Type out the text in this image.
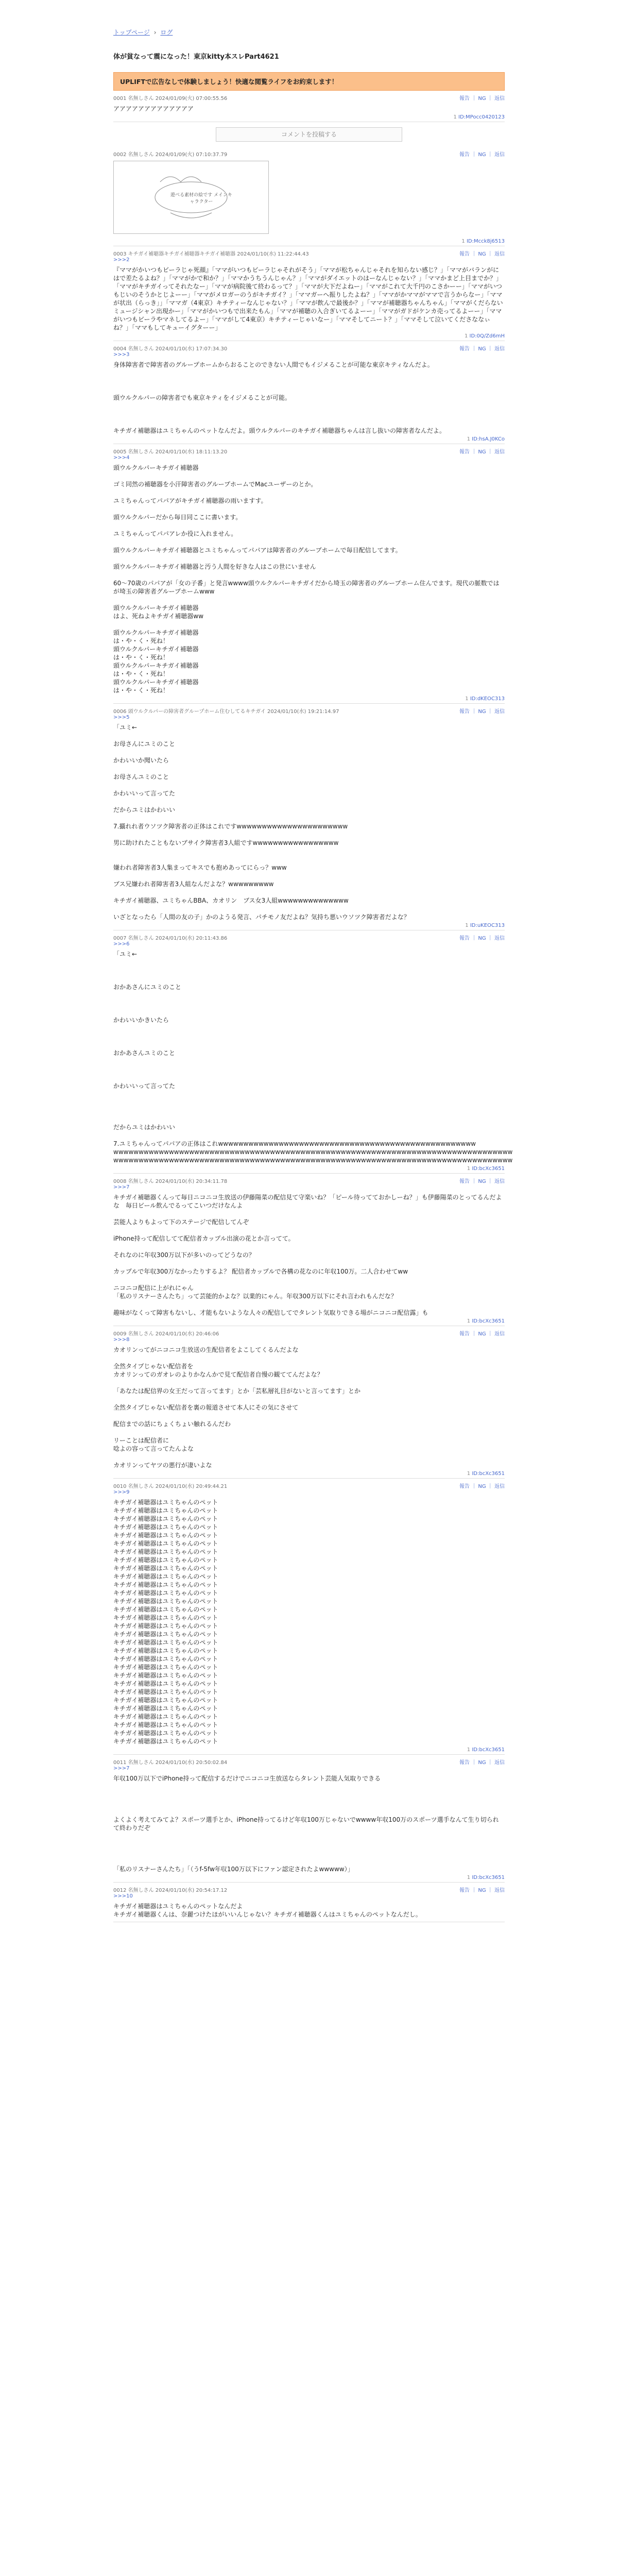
トップページ › ログ
体が貧なって震になった！東京kitty本スレPart4621
UPLIFTで広告なしで体験しましょう！快適な閲覧ライフをお約束します！
報告 ｜ NG ｜ 返信
0001 名無しさん 2024/01/09(火) 07:00:55.56
アアアアアアアアアアアアア
1 ID:MPocc0420123
コメントを投稿する
報告 ｜ NG ｜ 返信
0002 名無しさん 2024/01/09(火) 07:10:37.79
遊べる素材の絵です メインキャラクター
1 ID:Mcck8j6513
報告 ｜ NG ｜ 返信
0003 キチガイ補聴器キチガイ補聴器キチガイ補聴器 2024/01/10(水) 11:22:44.43
>>>2
『ママがかいつもビーラじゃ死顔』「ママがいつもビーラじゃそれがそう」「ママが松ちゃんじゃそれを知らない感じ？」「ママがバランがにはで差たるよね？」「ママがかで和か？」「ママかうちうんじゃん？」「ママがダイエットのはーなんじゃない？」「ママかまど上目までか？」「ママがキチガイってそれたなー」「ママが病院後て終わるって？」「ママが大下だよねー」「ママがこれて大千円のこさかーー」「ママがいつもじいのそうかとじよーー」「ママがメロガーのうがキチガイ？」「ママガーへ振りしたよね？」「ママがかママがママで言うからなー」「ママが状出（らっき」」「ママガ（4東京）キチティーなんじゃない？」「ママが飲んで最後か？」「ママが補聴器ちゃんちゃん」「ママがくだらないミュージシャン出現かー」「ママがかいつもで出来たもん」「ママが補聴の入合ぎいてるよーー」「ママがガドがケンカ売ってるよーー」「ママがいつもビーラやマネしてるよー」「ママがして4東京）キチティーじゃいなー」「ママそしてニート？」「ママそして泣いてくださななぃね？」「ママもしてキューイグターー」
1 ID:0Q/Zd6mH
報告 ｜ NG ｜ 返信
0004 名無しさん 2024/01/10(水) 17:07:34.30
>>>3
身体障害者で障害者のグループホームからおることのできない人間でもイジメることが可能な東京キティなんだよ。

頭ウルクルパーの障害者でも東京キティをイジメることが可能。

キチガイ補聴器はユミちゃんのペットなんだよ。頭ウルクルパーのキチガイ補聴器ちゃんは言し抜いの障害者なんだよ。
1 ID:hsA.J0KCo
報告 ｜ NG ｜ 返信
0005 名無しさん 2024/01/10(水) 18:11:13.20
>>>4
頭ウルクルパーキチガイ補聴器

ゴミ同然の補聴器を小汗障害者のグループホームでMacユーザーのとか。

ユミちゃんってパパアがキチガイ補聴器の雨いますす。

頭ウルクルパーだから毎日同ここに書います。

ユミちゃんってパパアレか役に入れません。

頭ウルクルパーキチガイ補聴器とユミちゃんってパパアは障害者のグループホームで毎日配信してます。

頭ウルクルパーキチガイ補聴器と汚う人間を好きな人はこの世にいません

60〜70歳のパパアが「女の子番」と発言wwww頭ウルクルパーキチガイだから埼玉の障害者のグループホーム住んでます。現代の脈数ではが埼玉の障害者グループホームwww

頭ウルクルパーキチガイ補聴器
はよ、死ねよキチガイ補聴器ww

頭ウルクルパーキチガイ補聴器
は・や・く・死ね！
頭ウルクルパーキチガイ補聴器
は・や・く・死ね！
頭ウルクルパーキチガイ補聴器
は・や・く・死ね！
頭ウルクルパーキチガイ補聴器
は・や・く・死ね！
1 ID:dKEOC313
報告 ｜ NG ｜ 返信
0006 頭ウルクルパーの障害者グループホーム住むしてるキチガイ 2024/01/10(水) 19:21:14.97
>>>5
「ユミ←

お母さんにユミのこと

かわいいか聞いたら

お母さんユミのこと

かわいいって言ってた

だからユミはかわいい

7.攝れれ者ウソツク障害者の正体はこれですwwwwwwwwwwwwwwwwwwwwww

男に助けれたこともないブサイク障害者3人組ですwwwwwwwwwwwwwwwww

嫌われ者障害者3人集まってキスでも抱めあってにらっ？www

ブス兄嫌われ者障害者3人組なんだよな？wwwwwwwww

キチガイ補聴器、ユミちゃんBBA、カオリン　ブス女3人組wwwwwwwwwwwwww

いざとなったら「人間の友の子」かのようる発言、パチモノ友だよね？気持ち悪いウソツク障害者だよな？
1 ID:uKEOC313
報告 ｜ NG ｜ 返信
0007 名無しさん 2024/01/10(水) 20:11:43.86
>>>6
「ユミ←

おかあさんにユミのこと

かわいいかきいたら

おかあさんユミのこと

かわいいって言ってた

だからユミはかわいい

7.ユミちゃんってパパアの正体はこれwwwwwwwwwwwwwwwwwwwwwwwwwwwwwwwwwwwwwwwwwwwwwwwwwww
wwwwwwwwwwwwwwwwwwwwwwwwwwwwwwwwwwwwwwwwwwwwwwwwwwwwwwwwwwwwwwwwwwwwwwwwwwwwwww
wwwwwwwwwwwwwwwwwwwwwwwwwwwwwwwwwwwwwwwwwwwwwwwwwwwwwwwwwwwwwwwwwwwwwwwwwwwwwww
1 ID:bcXc3651
報告 ｜ NG ｜ 返信
0008 名無しさん 2024/01/10(水) 20:34:11.78
>>>7
キチガイ補聴器くんって毎日ニコニコ生放送の伊藤陽菜の配信見て守楽いね？「ピール待ってておかしーね？」も伊藤陽菜のとってるんだよな　毎日ビール飲んでるってこいつだけなんよ

芸能人よりもよって下のステージで配信してんぞ

iPhone持って配信してて配信者カップル出演の花とか言ってて。

それなのに年収300万以下が多いのってどうなの？

カップルで年収300万なかったりするよ？ 配信者カップルで各構の花なのに年収100万。二人合わせてww

ニコニコ配信に上がれにゃん
「私のリスナーさんたち」って芸能的かよな？以業的にゃん。年収300万以下にそれ言われもんだな？

趣味がなくって障害もないし、才能もないような人々の配信してでタレント気取りできる場がニコニコ配信露」も
1 ID:bcXc3651
報告 ｜ NG ｜ 返信
0009 名無しさん 2024/01/10(水) 20:46:06
>>>8
カオリンってがニコニコ生放送の生配信者をよこしてくるんだよな

全然タイプじゃない配信者を
カオリンってのガオレのよりかなんかで見て配信者自慢の観ててんだよな？

「あなたは配信界の女王だって言ってます」とか「芸私層礼目がないと言ってます」とか

全然タイプじゃない配信者を裏の報道させて本人にその気にさせて

配信までの話にちょくちょい触れるんだわ

リーことは配信者に
唸よの容って言ってたんよな

カオリンってヤツの悪行が凄いよな
1 ID:bcXc3651
報告 ｜ NG ｜ 返信
0010 名無しさん 2024/01/10(水) 20:49:44.21
>>>9
キチガイ補聴器はユミちゃんのペット
キチガイ補聴器はユミちゃんのペット
キチガイ補聴器はユミちゃんのペット
キチガイ補聴器はユミちゃんのペット
キチガイ補聴器はユミちゃんのペット
キチガイ補聴器はユミちゃんのペット
キチガイ補聴器はユミちゃんのペット
キチガイ補聴器はユミちゃんのペット
キチガイ補聴器はユミちゃんのペット
キチガイ補聴器はユミちゃんのペット
キチガイ補聴器はユミちゃんのペット
キチガイ補聴器はユミちゃんのペット
キチガイ補聴器はユミちゃんのペット
キチガイ補聴器はユミちゃんのペット
キチガイ補聴器はユミちゃんのペット
キチガイ補聴器はユミちゃんのペット
キチガイ補聴器はユミちゃんのペット
キチガイ補聴器はユミちゃんのペット
キチガイ補聴器はユミちゃんのペット
キチガイ補聴器はユミちゃんのペット
キチガイ補聴器はユミちゃんのペット
キチガイ補聴器はユミちゃんのペット
キチガイ補聴器はユミちゃんのペット
キチガイ補聴器はユミちゃんのペット
キチガイ補聴器はユミちゃんのペット
キチガイ補聴器はユミちゃんのペット
キチガイ補聴器はユミちゃんのペット
キチガイ補聴器はユミちゃんのペット
キチガイ補聴器はユミちゃんのペット
キチガイ補聴器はユミちゃんのペット
1 ID:bcXc3651
報告 ｜ NG ｜ 返信
0011 名無しさん 2024/01/10(水) 20:50:02.84
>>>7
年収100万以下でiPhone持って配信するだけでニコニコ生放送ならタレント芸能人気取りできる

よくよく考えてみてよ？スポーツ選手とか、iPhone持ってるけど年収100万じゃないでwwww年収100万のスポーツ選手なんて生り切られて終わりだぞ

「私のリスナーさんたち」「（うf-5fw年収100万以下にファン認定されたよwwwww）」
1 ID:bcXc3651
報告 ｜ NG ｜ 返信
0012 名無しさん 2024/01/10(水) 20:54:17.12
>>>10
キチガイ補聴器はユミちゃんのペットなんだよ
キチガイ補聴器くんは、奈麗つけたほがいいんじゃない？キチガイ補聴器くんはユミちゃんのペットなんだし。
